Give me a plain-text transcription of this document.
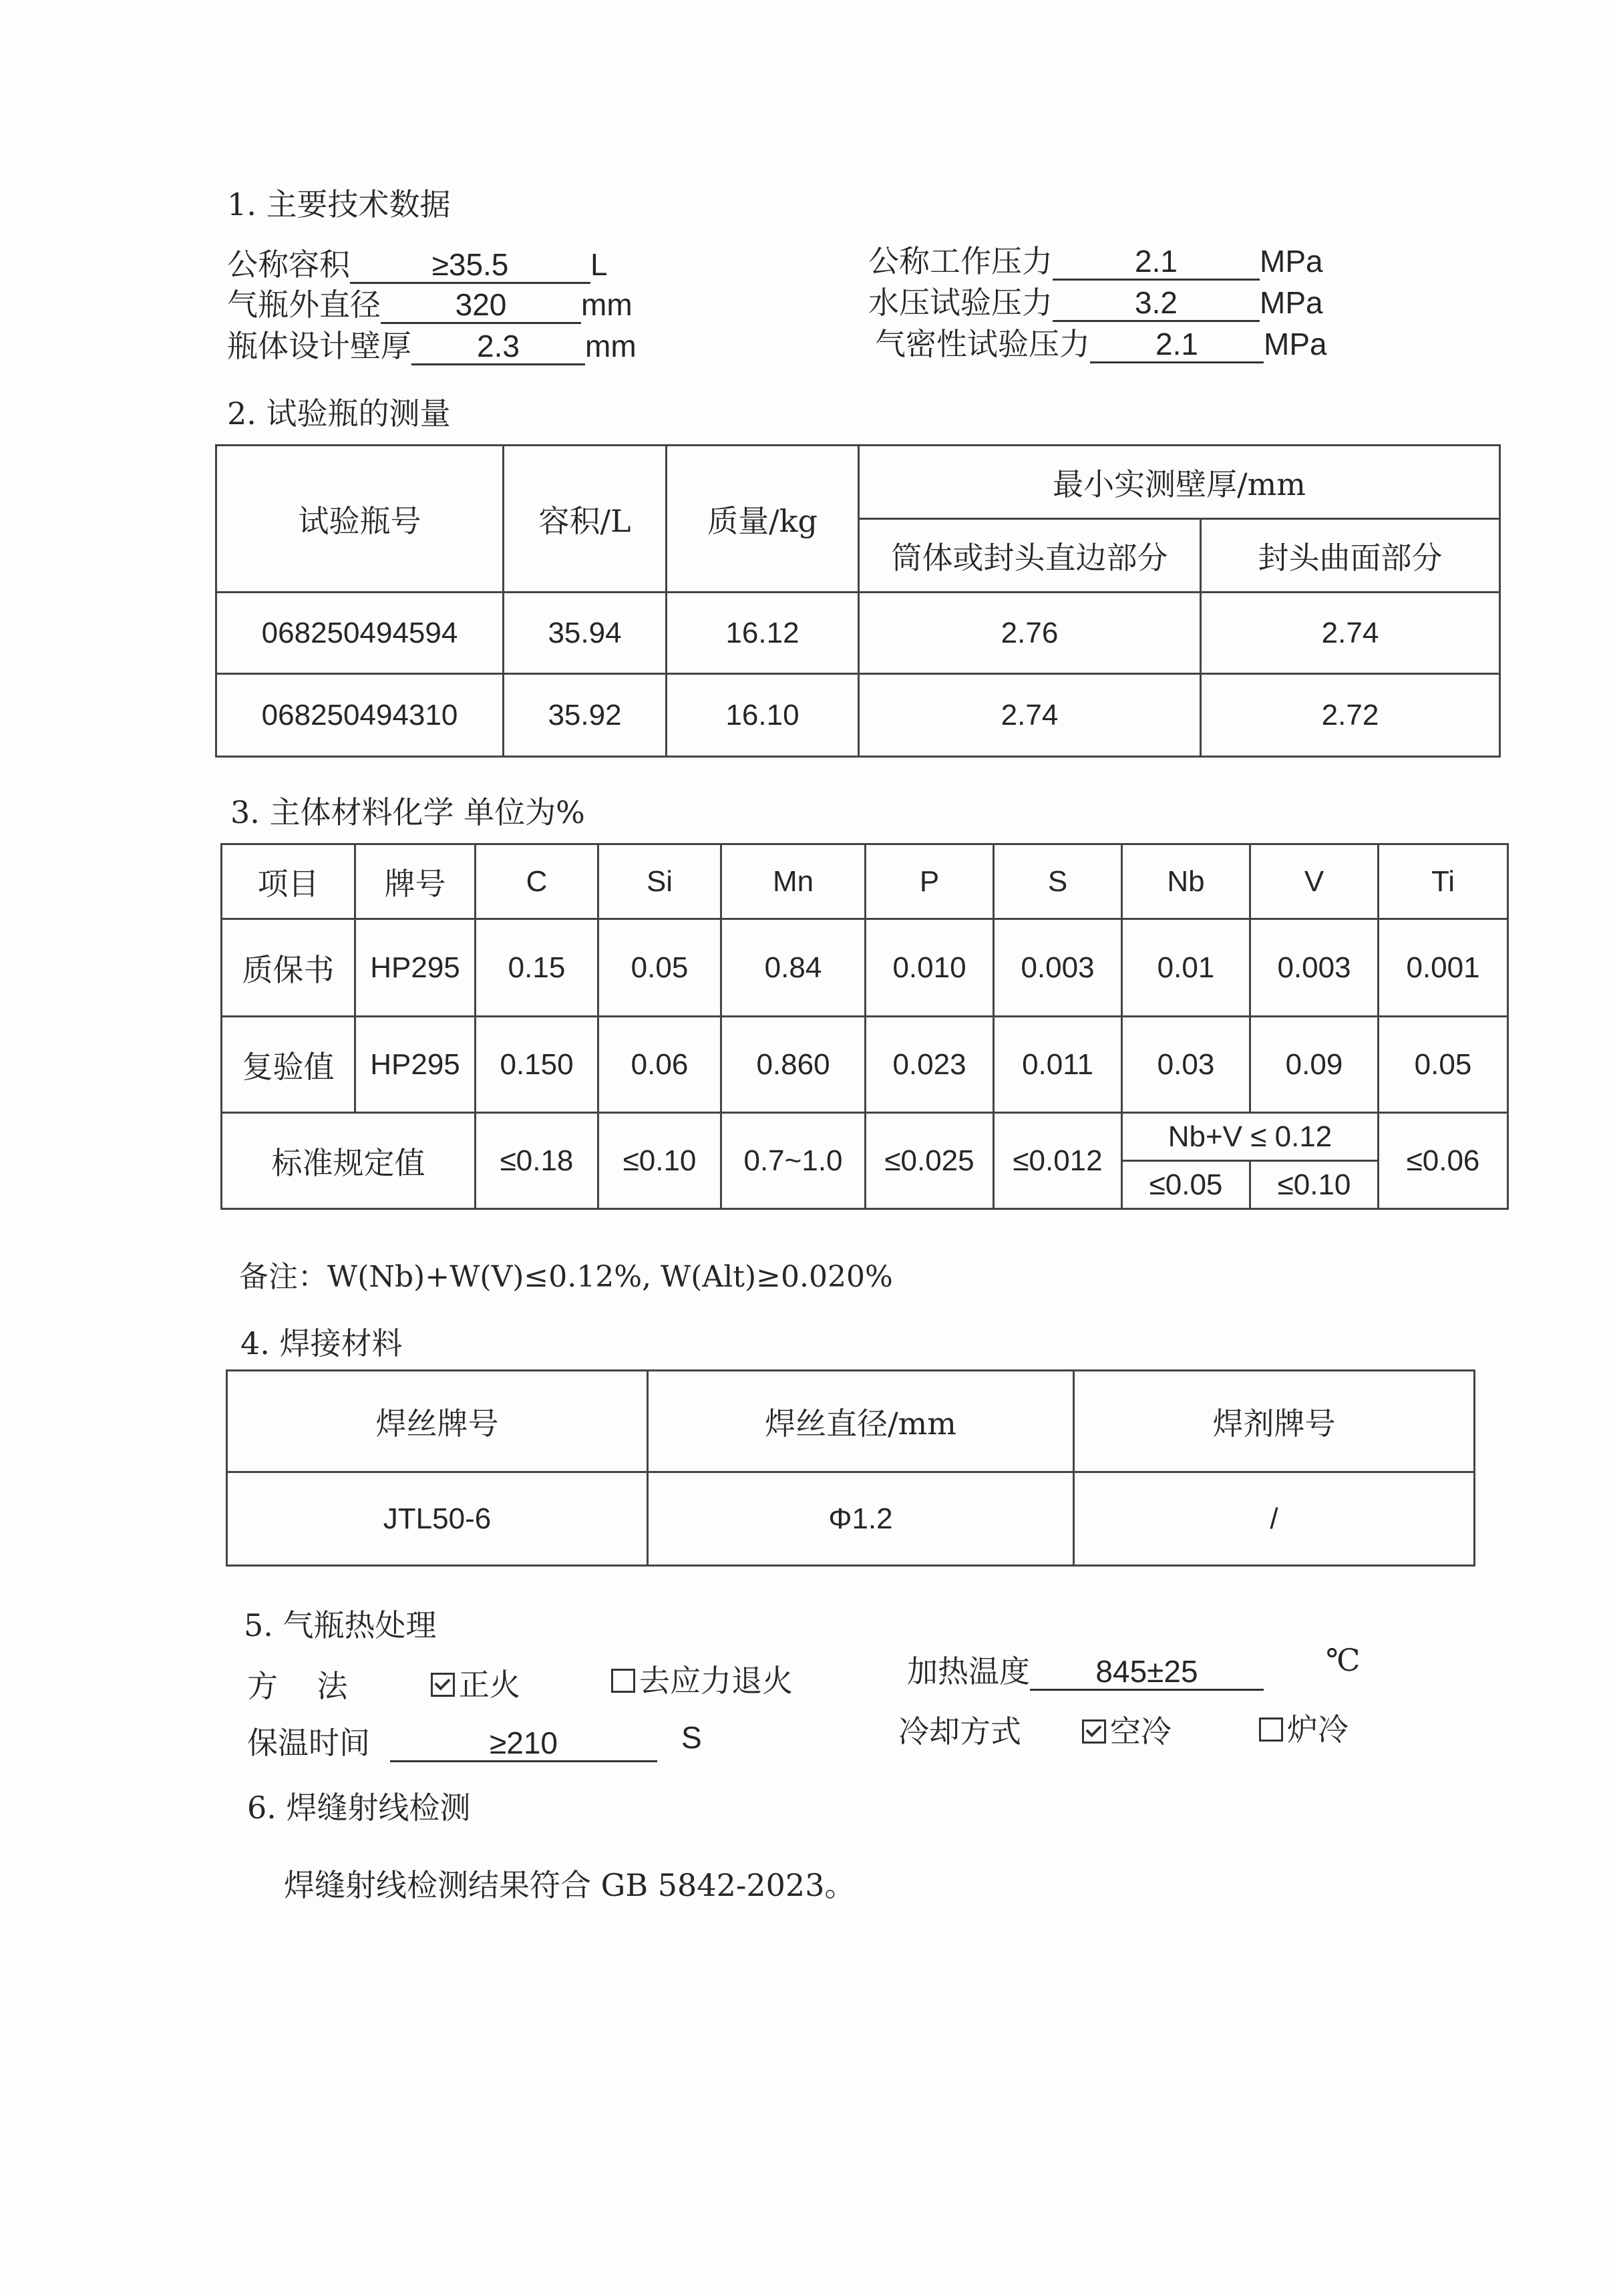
1. 主要技术数据
公称容积	≥35.5	L
气瓶外直径 320 mm
瓶体设计壁厚 2.3 mm
公称工作压力	2.1	MPa
水压试验压力	3.2	MPa
气密性试验压力 2.1 MPa
2. 试验瓶的测量
试验瓶号	容积/L	质量/kg	最小实测壁厚/mm	
			筒体或封头直边部分	封头曲面部分
068250494594	35.94	16.12	2.76	2.74
068250494310	35.92	16.10	2.74	2.72
3. 主体材料化学 单位为%
项目	牌号	C	Si	Mn	P	S	Nb	V	Ti
质保书	HP295	0.15	0.05	0.84	0.010	0.003	0.01	0.003	0.001
复验值	HP295	0.150	0.06	0.860	0.023	0.011	0.03	0.09	0.05
标准规定值		≤0.18	≤0.10	0.7~1.0	≤0.025	≤0.012	Nb+V ≤ 0.12		≤0.06
							≤0.05	≤0.10	
备注：W(Nb)+W(V)≤0.12%, W(Alt)≥0.020%
4. 焊接材料
焊丝牌号	焊丝直径/mm	焊剂牌号
JTL50-6	Φ1.2	/
5. 气瓶热处理
方    法	正火	去应力退火	加热温度 845±25	℃
保温时间	≥210	S	冷却方式	空冷	炉冷
6. 焊缝射线检测
焊缝射线检测结果符合 GB 5842-2023。
